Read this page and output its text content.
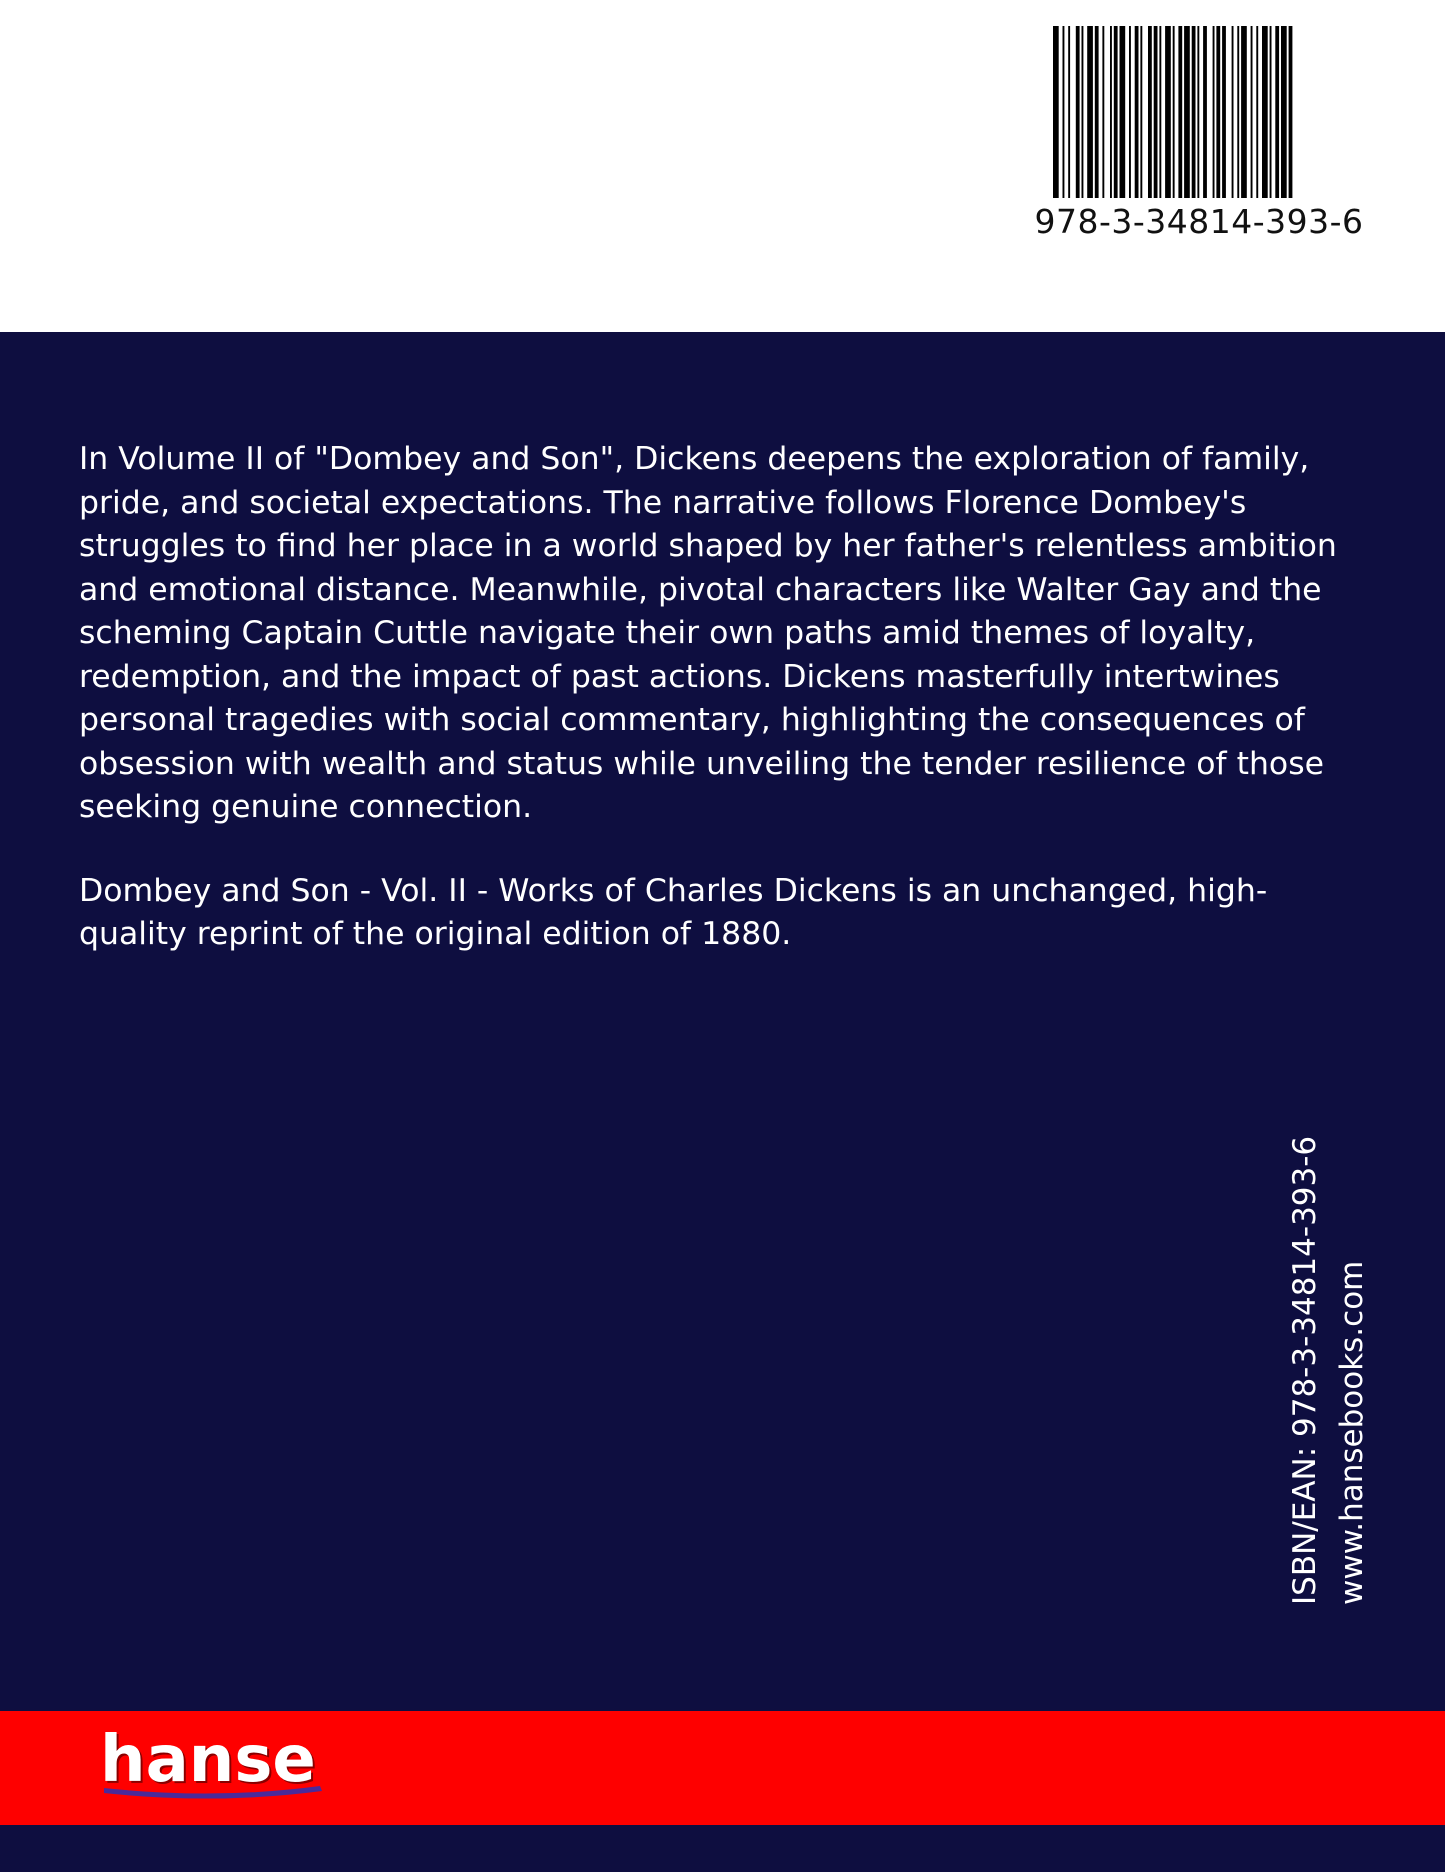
978-3-34814-393-6

In Volume II of "Dombey and Son", Dickens deepens the exploration of family, pride, and societal expectations. The narrative follows Florence Dombey's struggles to find her place in a world shaped by her father's relentless ambition and emotional distance. Meanwhile, pivotal characters like Walter Gay and the scheming Captain Cuttle navigate their own paths amid themes of loyalty, redemption, and the impact of past actions. Dickens masterfully intertwines personal tragedies with social commentary, highlighting the consequences of obsession with wealth and status while unveiling the tender resilience of those seeking genuine connection.

Dombey and Son - Vol. II - Works of Charles Dickens is an unchanged, high-quality reprint of the original edition of 1880.

ISBN/EAN: 978-3-34814-393-6 www.hansebooks.com
hanse
